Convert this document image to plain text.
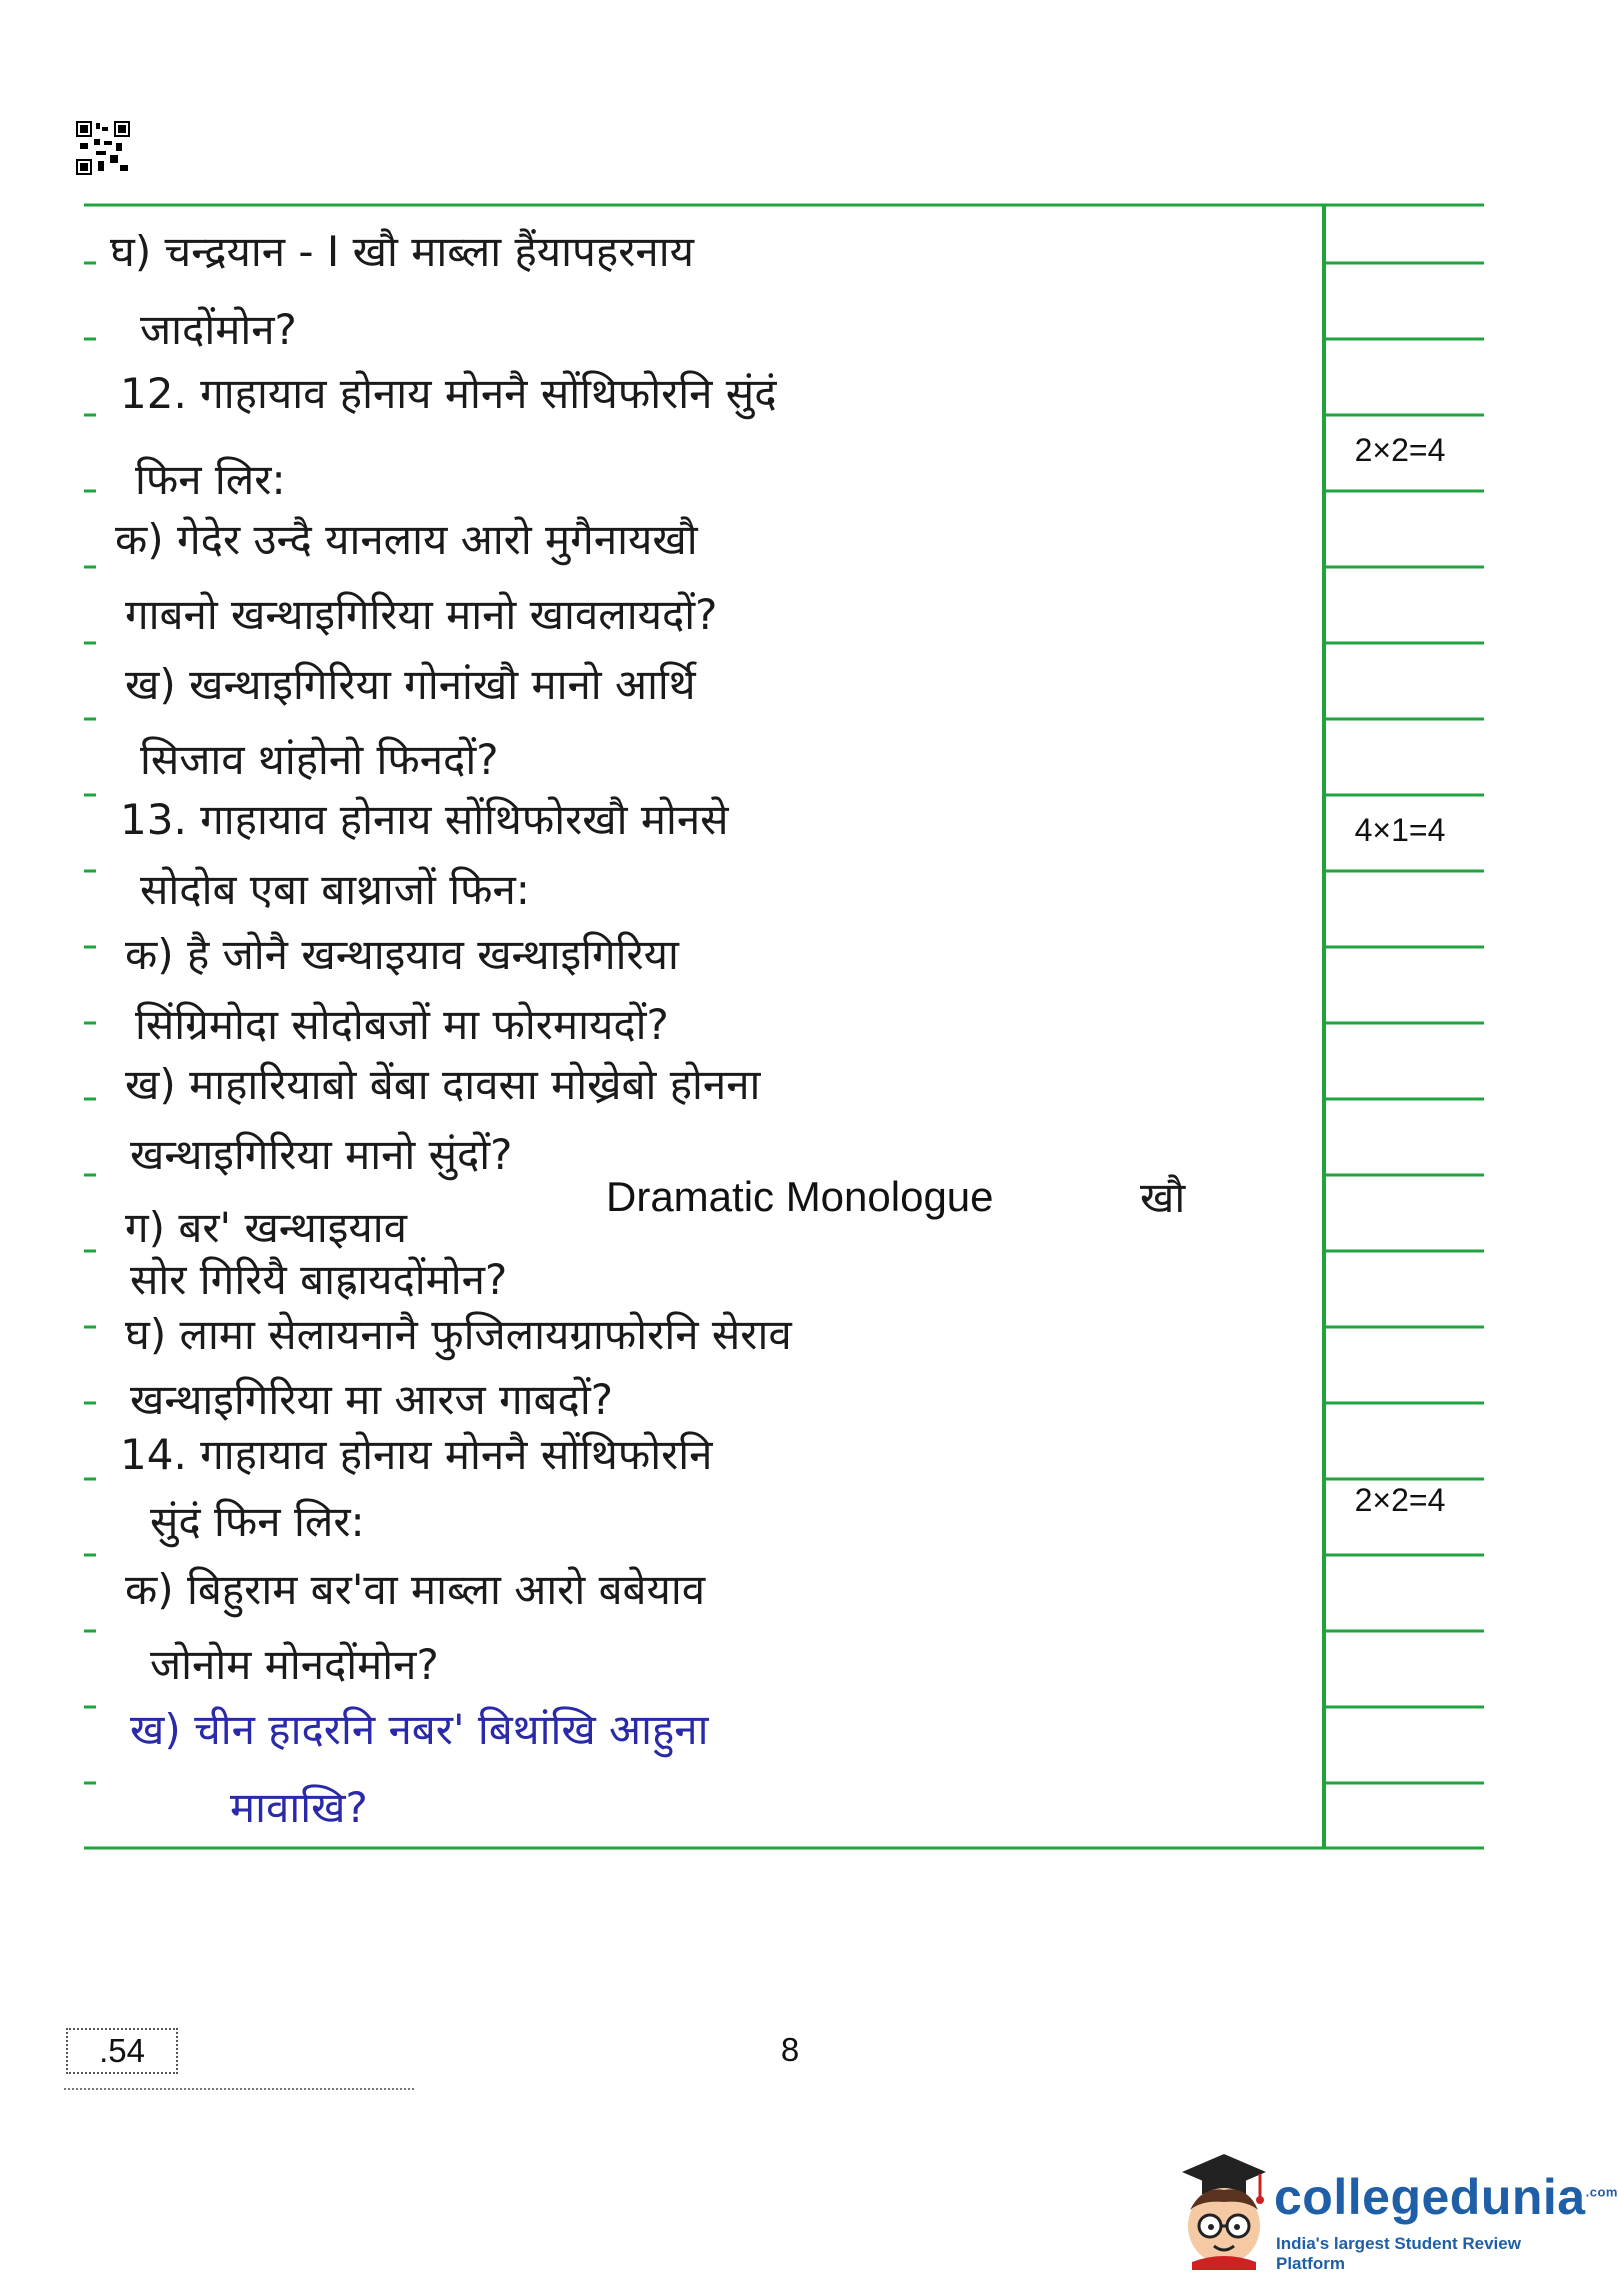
2×2=4
4×1=4
2×2=4
घ) चन्द्रयान - I खौ माब्ला हैंयापहरनाय
जादोंमोन?
12. गाहायाव होनाय मोननै सोंथिफोरनि सुंदं
फिन लिर:
क) गेदेर उन्दै यानलाय आरो मुगैनायखौ
गाबनो खन्थाइगिरिया मानो खावलायदों?
ख) खन्थाइगिरिया गोनांखौ मानो आर्थि
सिजाव थांहोनो फिनदों?
13. गाहायाव होनाय सोंथिफोरखौ मोनसे
सोदोब एबा बाथ्राजों फिन:
क) है जोनै खन्थाइयाव खन्थाइगिरिया
सिंग्रिमोदा सोदोबजों मा फोरमायदों?
ख) माहारियाबो बेंबा दावसा मोख्रेबो होनना
खन्थाइगिरिया मानो सुंदों?
ग) बर' खन्थाइयाव
खौ
सोर गिरियै बाह्रायदोंमोन?
घ) लामा सेलायनानै फुजिलायग्राफोरनि सेराव
खन्थाइगिरिया मा आरज गाबदों?
14. गाहायाव होनाय मोननै सोंथिफोरनि
सुंदं फिन लिर:
क) बिहुराम बर'वा माब्ला आरो बबेयाव
जोनोम मोनदोंमोन?
ख) चीन हादरनि नबर' बिथांखि आहुना
मावाखि?
Dramatic Monologue
.54	8
collegedunia$^{.com}$
India's largest Student Review Platform
